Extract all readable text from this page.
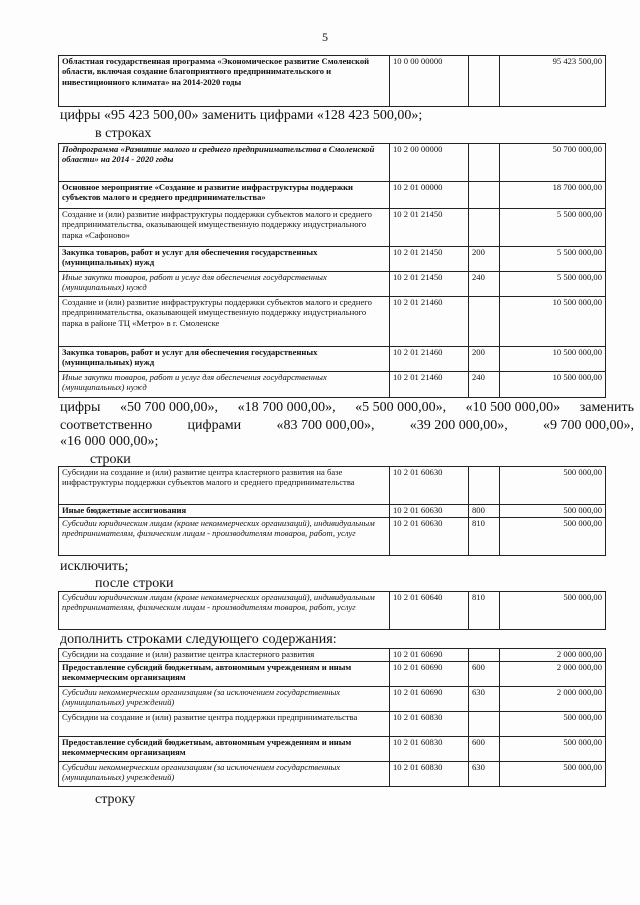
5
Областная государственная программа «Экономическое развитие Смоленской области, включая создание благоприятного предпринимательского и инвестиционного климата» на 2014-2020 годы	10 0 00 00000		95 423 500,00
цифры «95 423 500,00» заменить цифрами «128 423 500,00»;
в строках
Подпрограмма «Развитие малого и среднего предпринимательства в Смоленской области» на 2014 - 2020 годы	10 2 00 00000		50 700 000,00
Основное мероприятие «Создание и развитие инфраструктуры поддержки субъектов малого и среднего предпринимательства»	10 2 01 00000		18 700 000,00
Создание и (или) развитие инфраструктуры поддержки субъектов малого и среднего предпринимательства, оказывающей имущественную поддержку индустриального парка «Сафоново»	10 2 01 21450		5 500 000,00
Закупка товаров, работ и услуг для обеспечения государственных (муниципальных) нужд	10 2 01 21450	200	5 500 000,00
Иные закупки товаров, работ и услуг для обеспечения государственных (муниципальных) нужд	10 2 01 21450	240	5 500 000,00
Создание и (или) развитие инфраструктуры поддержки субъектов малого и среднего предпринимательства, оказывающей имущественную поддержку индустриального парка в районе ТЦ «Метро» в г. Смоленске	10 2 01 21460		10 500 000,00
Закупка товаров, работ и услуг для обеспечения государственных (муниципальных) нужд	10 2 01 21460	200	10 500 000,00
Иные закупки товаров, работ и услуг для обеспечения государственных (муниципальных) нужд	10 2 01 21460	240	10 500 000,00
цифры «50 700 000,00», «18 700 000,00», «5 500 000,00», «10 500 000,00» заменить
соответственно	цифрами	«83 700 000,00»,	«39 200 000,00»,	«9 700 000,00»,
«16 000 000,00»;
строки
Субсидии на создание и (или) развитие центра кластерного развития на базе инфраструктуры поддержки субъектов малого и среднего предпринимательства	10 2 01 60630		500 000,00
Иные бюджетные ассигнования	10 2 01 60630	800	500 000,00
Субсидии юридическим лицам (кроме некоммерческих организаций), индивидуальным предпринимателям, физическим лицам - производителям товаров, работ, услуг	10 2 01 60630	810	500 000,00
исключить;
после строки
Субсидии юридическим лицам (кроме некоммерческих организаций), индивидуальным предпринимателям, физическим лицам - производителям товаров, работ, услуг	10 2 01 60640	810	500 000,00
дополнить строками следующего содержания:
Субсидии на создание и (или) развитие центра кластерного развития	10 2 01 60690		2 000 000,00
Предоставление субсидий бюджетным, автономным учреждениям и иным некоммерческим организациям	10 2 01 60690	600	2 000 000,00
Субсидии некоммерческим организациям (за исключением государственных (муниципальных) учреждений)	10 2 01 60690	630	2 000 000,00
Субсидии на создание и (или) развитие центра поддержки предпринимательства	10 2 01 60830		500 000,00
Предоставление субсидий бюджетным, автономным учреждениям и иным некоммерческим организациям	10 2 01 60830	600	500 000,00
Субсидии некоммерческим организациям (за исключением государственных (муниципальных) учреждений)	10 2 01 60830	630	500 000,00
строку
